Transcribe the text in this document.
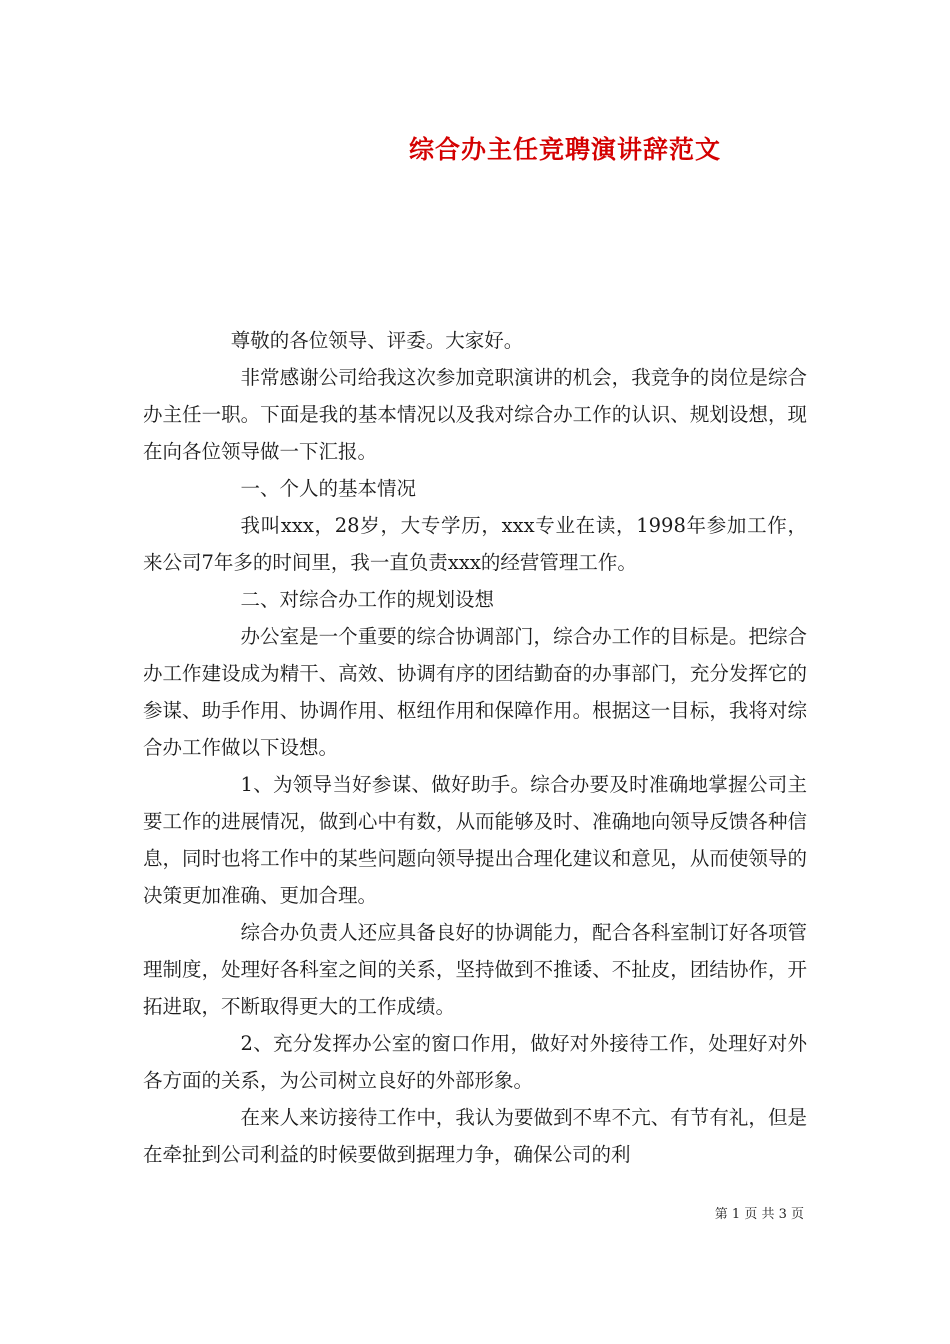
综合办主任竞聘演讲辞范文

尊敬的各位领导、评委。大家好。

非常感谢公司给我这次参加竞职演讲的机会，我竞争的岗位是综合办主任一职。下面是我的基本情况以及我对综合办工作的认识、规划设想，现在向各位领导做一下汇报。

一、个人的基本情况

我叫xxx，28岁，大专学历，xxx专业在读，1998年参加工作，来公司7年多的时间里，我一直负责xxx的经营管理工作。

二、对综合办工作的规划设想

办公室是一个重要的综合协调部门，综合办工作的目标是。把综合办工作建设成为精干、高效、协调有序的团结勤奋的办事部门，充分发挥它的参谋、助手作用、协调作用、枢纽作用和保障作用。根据这一目标，我将对综合办工作做以下设想。

1、为领导当好参谋、做好助手。综合办要及时准确地掌握公司主要工作的进展情况，做到心中有数，从而能够及时、准确地向领导反馈各种信息，同时也将工作中的某些问题向领导提出合理化建议和意见，从而使领导的决策更加准确、更加合理。

综合办负责人还应具备良好的协调能力，配合各科室制订好各项管理制度，处理好各科室之间的关系，坚持做到不推诿、不扯皮，团结协作，开拓进取，不断取得更大的工作成绩。

2、充分发挥办公室的窗口作用，做好对外接待工作，处理好对外各方面的关系，为公司树立良好的外部形象。

在来人来访接待工作中，我认为要做到不卑不亢、有节有礼，但是在牵扯到公司利益的时候要做到据理力争，确保公司的利

第 1 页 共 3 页
